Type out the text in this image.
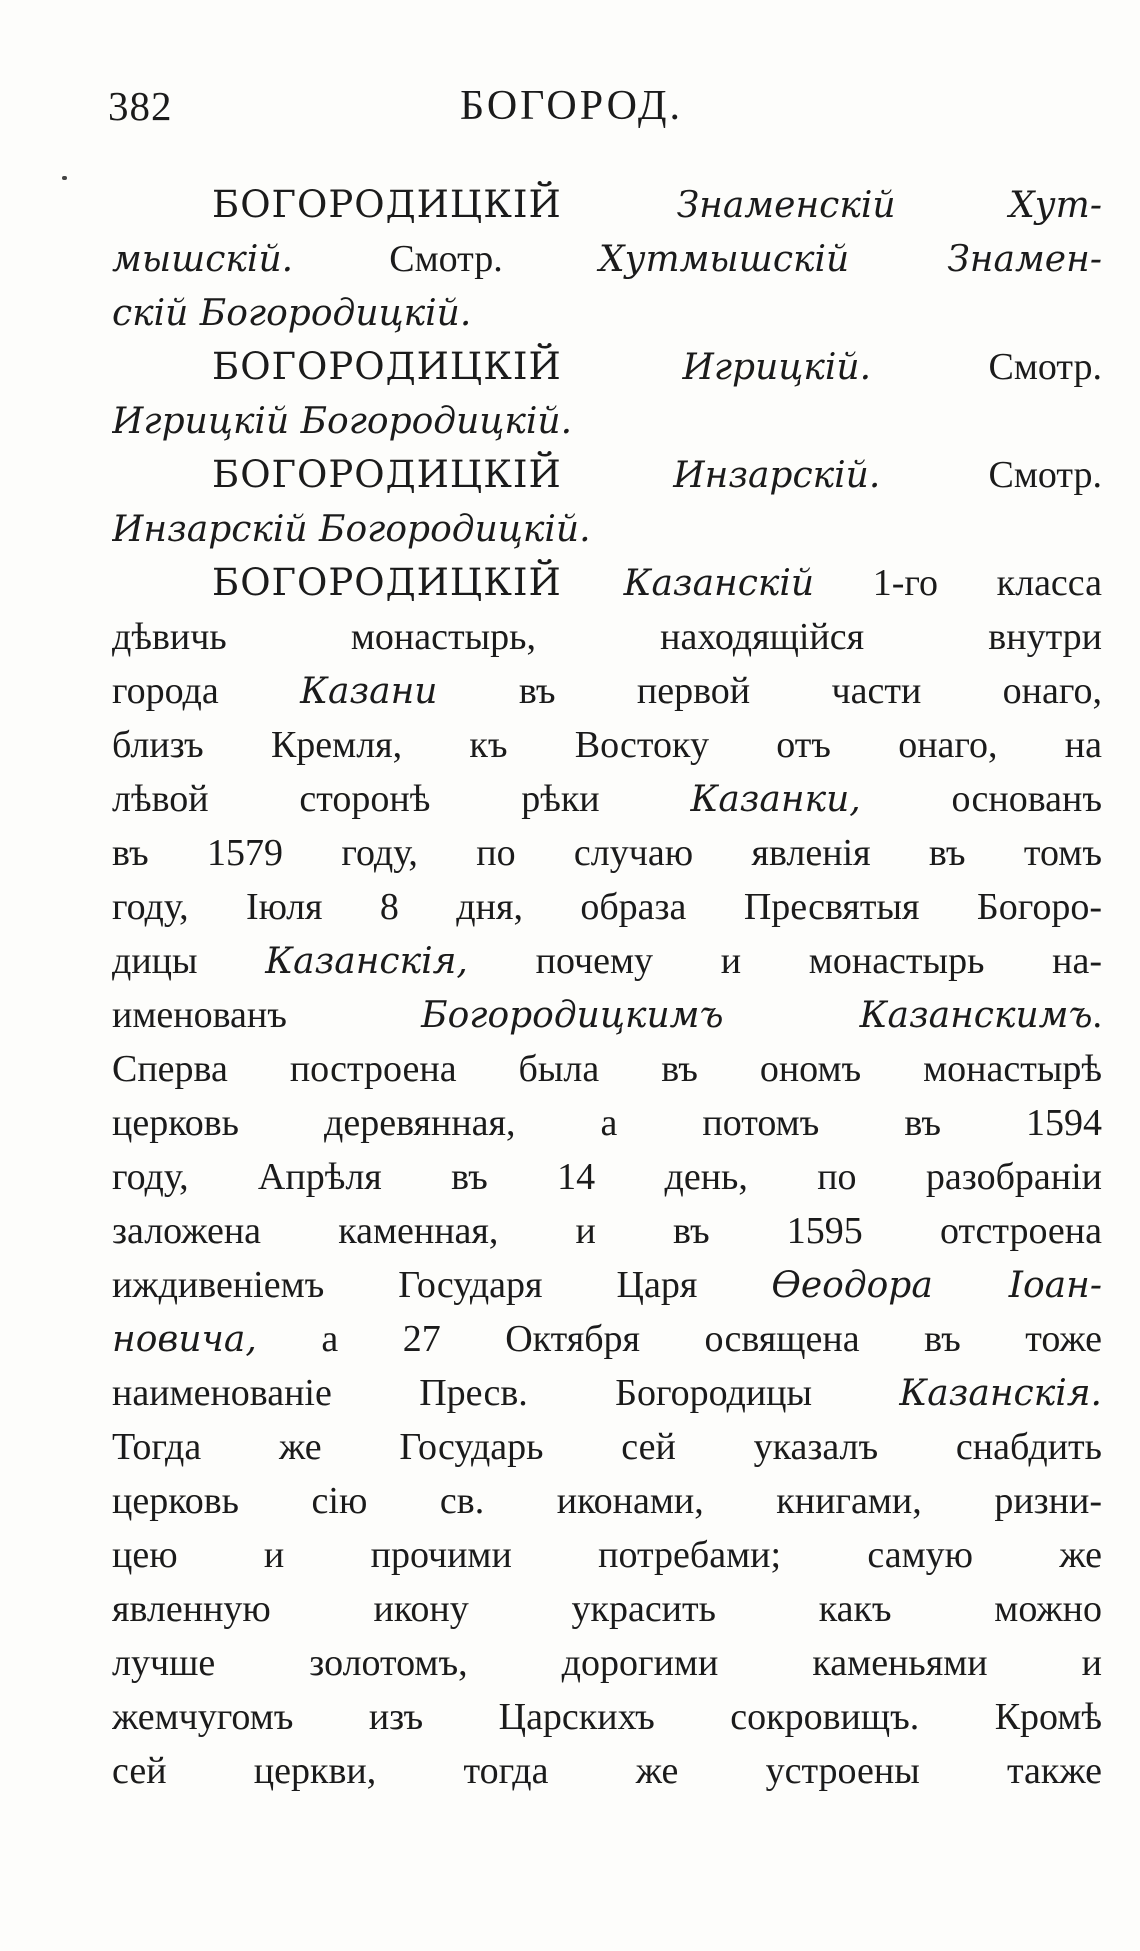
382	БОГОРОД.
БОГОРОДИЦКІЙ Знаменскій Хут-
мышскій. Смотр. Хутмышскій Знамен-
скій Богородицкій.
БОГОРОДИЦКІЙ Игрицкій. Смотр.
Игрицкій Богородицкій.
БОГОРОДИЦКІЙ Инзарскій. Смотр.
Инзарскій Богородицкій.
БОГОРОДИЦКІЙ Казанскій 1-го класса
дѣвичь монастырь, находящійся внутри
города Казани въ первой части онаго,
близъ Кремля, къ Востоку отъ онаго, на
лѣвой сторонѣ рѣки Казанки, основанъ
въ 1579 году, по случаю явленія въ томъ
году, Іюля 8 дня, образа Пресвятыя Богоро-
дицы Казанскія, почему и монастырь на-
именованъ Богородицкимъ Казанскимъ.
Сперва построена была въ ономъ монастырѣ
церковь деревянная, а потомъ въ 1594
году, Апрѣля въ 14 день, по разобраніи
заложена каменная, и въ 1595 отстроена
иждивеніемъ Государя Царя Өеодора Іоан-
новича, а 27 Октября освящена въ тоже
наименованіе Пресв. Богородицы Казанскія.
Тогда же Государь сей указалъ снабдить
церковь сію св. иконами, книгами, ризни-
цею и прочими потребами; самую же
явленную икону украсить какъ можно
лучше золотомъ, дорогими каменьями и
жемчугомъ изъ Царскихъ сокровищъ. Кромѣ
сей церкви, тогда же устроены также
